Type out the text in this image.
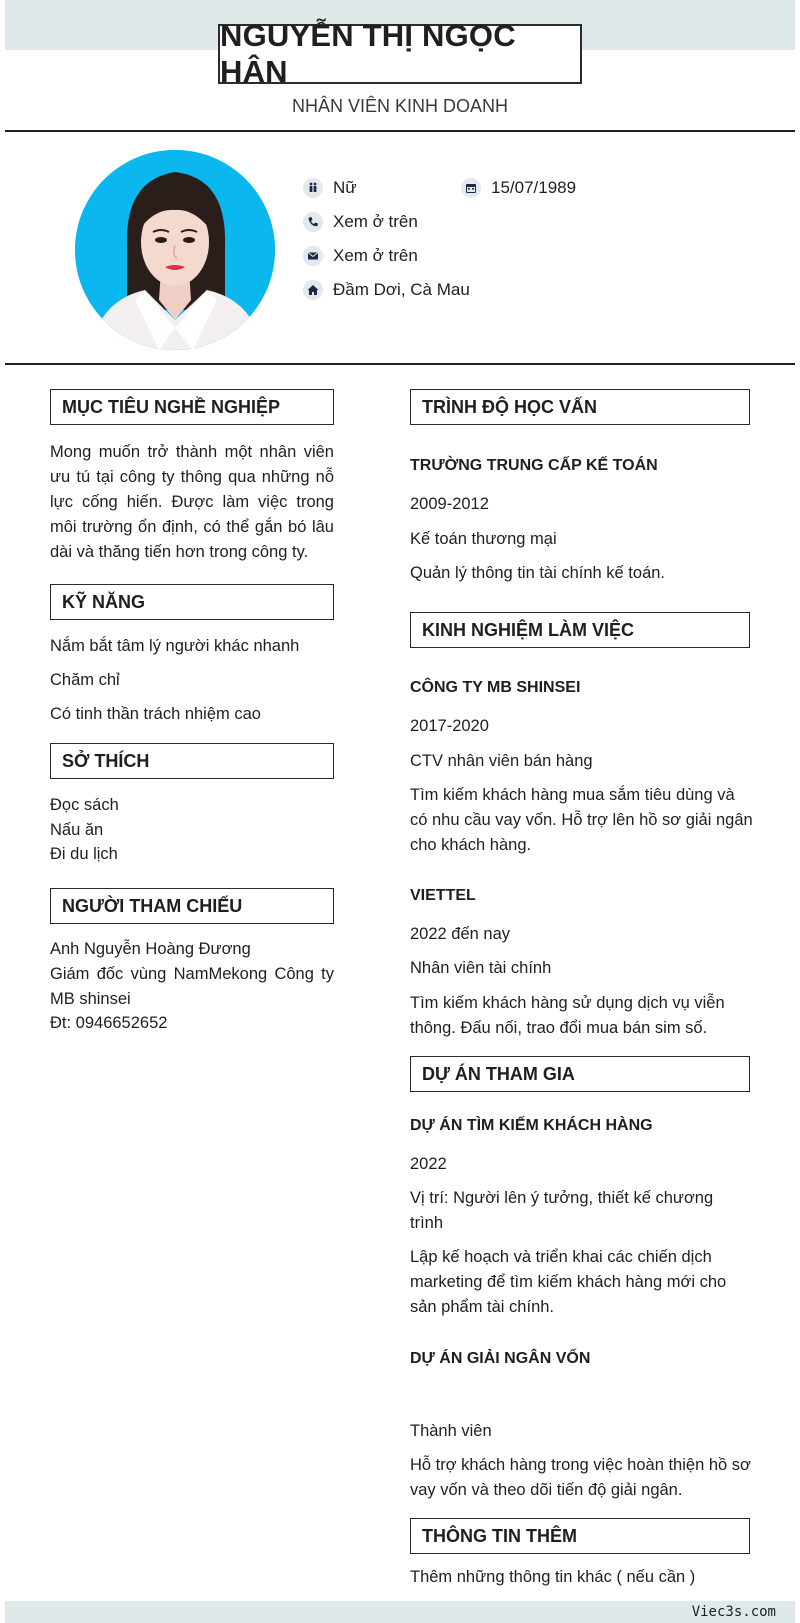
NGUYỄN THỊ NGỌC HÂN
NHÂN VIÊN KINH DOANH
Nữ	15/07/1989
Xem ở trên
Xem ở trên
Đầm Dơi, Cà Mau
MỤC TIÊU NGHỀ NGHIỆP
Mong muốn trở thành một nhân viên ưu tú tại công ty thông qua những nỗ lực cống hiến. Được làm việc trong môi trường ổn định, có thể gắn bó lâu dài và thăng tiến hơn trong công ty.
KỸ NĂNG
Nắm bắt tâm lý người khác nhanh
Chăm chỉ
Có tinh thần trách nhiệm cao
SỞ THÍCH
Đọc sách
Nấu ăn
Đi du lịch
NGƯỜI THAM CHIẾU
Anh Nguyễn Hoàng Đương
Giám đốc vùng NamMekong Công ty MB shinsei
Đt: 0946652652
TRÌNH ĐỘ HỌC VẤN
TRƯỜNG TRUNG CẤP KẾ TOÁN
2009-2012
Kế toán thương mại
Quản lý thông tin tài chính kế toán.
KINH NGHIỆM LÀM VIỆC
CÔNG TY MB SHINSEI
2017-2020
CTV nhân viên bán hàng
Tìm kiếm khách hàng mua sắm tiêu dùng và có nhu cầu vay vốn. Hỗ trợ lên hồ sơ giải ngân cho khách hàng.
VIETTEL
2022 đến nay
Nhân viên tài chính
Tìm kiếm khách hàng sử dụng dịch vụ viễn thông. Đấu nối, trao đổi mua bán sim số.
DỰ ÁN THAM GIA
DỰ ÁN TÌM KIẾM KHÁCH HÀNG
2022
Vị trí: Người lên ý tưởng, thiết kế chương trình
Lập kế hoạch và triển khai các chiến dịch marketing để tìm kiếm khách hàng mới cho sản phẩm tài chính.
DỰ ÁN GIẢI NGÂN VỐN
Thành viên
Hỗ trợ khách hàng trong việc hoàn thiện hồ sơ vay vốn và theo dõi tiến độ giải ngân.
THÔNG TIN THÊM
Thêm những thông tin khác ( nếu cần )
Viec3s.com
